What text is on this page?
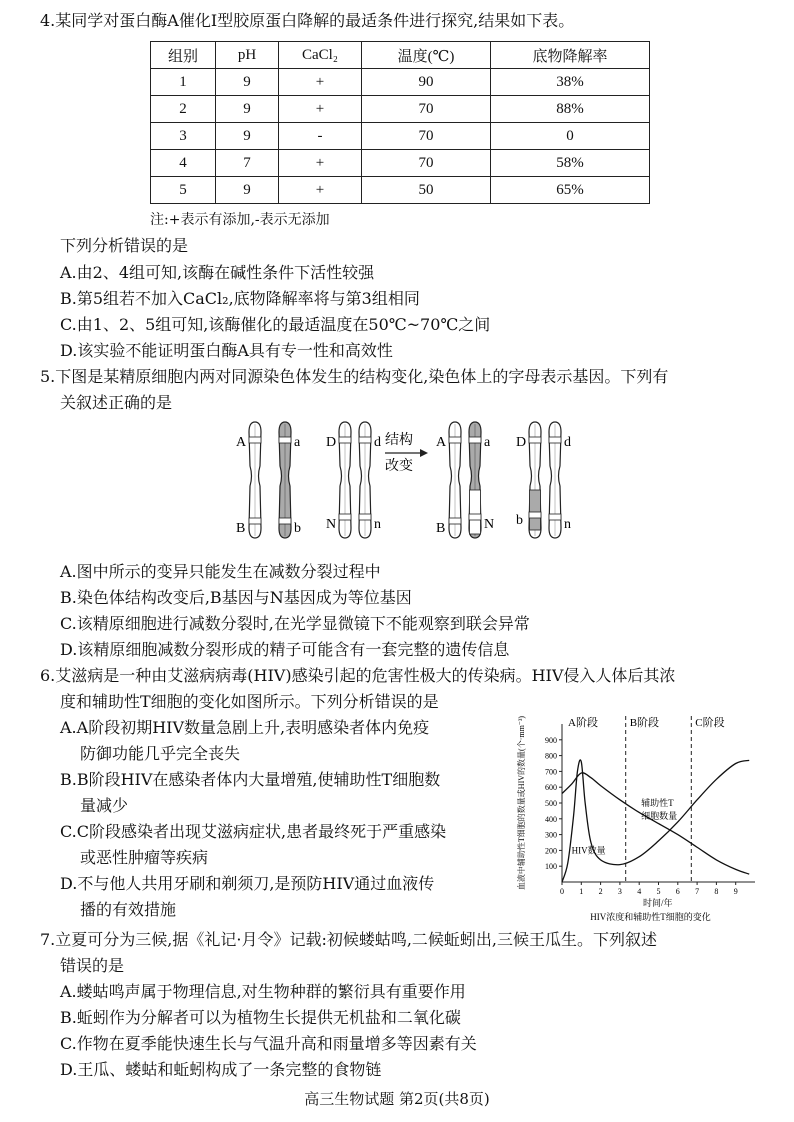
4.某同学对蛋白酶A催化Ⅰ型胶原蛋白降解的最适条件进行探究,结果如下表。
组别	pH	CaCl₂	温度(℃)	底物降解率
1	9	+	90	38%
2	9	+	70	88%
3	9	-	70	0
4	7	+	70	58%
5	9	+	50	65%
注:+表示有添加,-表示无添加
下列分析错误的是
A.由2、4组可知,该酶在碱性条件下活性较强
B.第5组若不加入CaCl₂,底物降解率将与第3组相同
C.由1、2、5组可知,该酶催化的最适温度在50℃~70℃之间
D.该实验不能证明蛋白酶A具有专一性和高效性
5.下图是某精原细胞内两对同源染色体发生的结构变化,染色体上的字母表示基因。下列有
关叙述正确的是
A
B
a
b
D
N
d
n
结构
改变
A
B
a
N
D
b
d
n
A.图中所示的变异只能发生在减数分裂过程中
B.染色体结构改变后,B基因与N基因成为等位基因
C.该精原细胞进行减数分裂时,在光学显微镜下不能观察到联会异常
D.该精原细胞减数分裂形成的精子可能含有一套完整的遗传信息
6.艾滋病是一种由艾滋病病毒(HIV)感染引起的危害性极大的传染病。HIV侵入人体后其浓
度和辅助性T细胞的变化如图所示。下列分析错误的是
A.A阶段初期HIV数量急剧上升,表明感染者体内免疫
防御功能几乎完全丧失
B.B阶段HIV在感染者体内大量增殖,使辅助性T细胞数
量减少
C.C阶段感染者出现艾滋病症状,患者最终死于严重感染
或恶性肿瘤等疾病
D.不与他人共用牙刷和剃须刀,是预防HIV通过血液传
播的有效措施
血液中辅助性T细胞的数量或HIV的数量(个·mm⁻³) 100
200
300
400
500
600
700
800
900
0 1 2 3 4 5 6 7 8 9
A阶段	B阶段	C阶段
辅助性T
细胞数量
HIV数量
时间/年
HIV浓度和辅助性T细胞的变化
7.立夏可分为三候,据《礼记·月令》记载:初候蝼蛄鸣,二候蚯蚓出,三候王瓜生。下列叙述
错误的是
A.蝼蛄鸣声属于物理信息,对生物种群的繁衍具有重要作用
B.蚯蚓作为分解者可以为植物生长提供无机盐和二氧化碳
C.作物在夏季能快速生长与气温升高和雨量增多等因素有关
D.王瓜、蝼蛄和蚯蚓构成了一条完整的食物链
高三生物试题 第2页(共8页)
